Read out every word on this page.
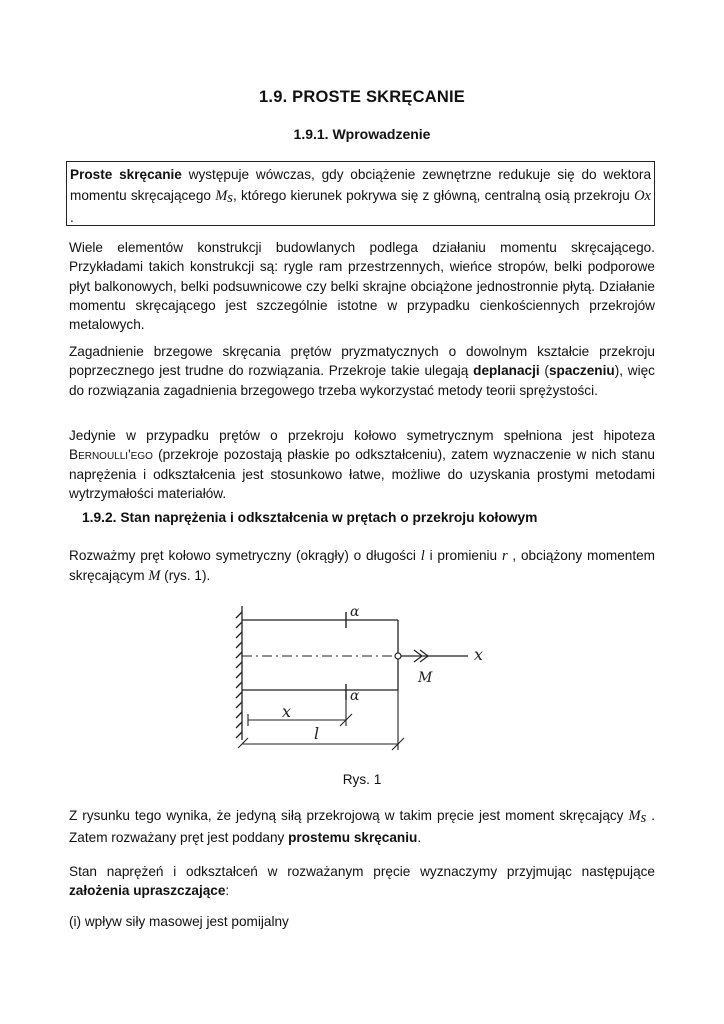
1.9. PROSTE SKRĘCANIE
1.9.1. Wprowadzenie
Proste skręcanie występuje wówczas, gdy obciążenie zewnętrzne redukuje się do wektora momentu skręcającego $M_s$, którego kierunek pokrywa się z główną, centralną osią przekroju Ox .

Wiele elementów konstrukcji budowlanych podlega działaniu momentu skręcającego. Przykładami takich konstrukcji są: rygle ram przestrzennych, wieńce stropów, belki podporowe płyt balkonowych, belki podsuwnicowe czy belki skrajne obciążone jednostronnie płytą. Działanie momentu skręcającego jest szczególnie istotne w przypadku cienkościennych przekrojów metalowych.

Zagadnienie brzegowe skręcania prętów pryzmatycznych o dowolnym kształcie przekroju poprzecznego jest trudne do rozwiązania. Przekroje takie ulegają deplanacji (spaczeniu), więc do rozwiązania zagadnienia brzegowego trzeba wykorzystać metody teorii sprężystości.

Jedynie w przypadku prętów o przekroju kołowo symetrycznym spełniona jest hipoteza Bernoulli'ego (przekroje pozostają płaskie po odkształceniu), zatem wyznaczenie w nich stanu naprężenia i odkształcenia jest stosunkowo łatwe, możliwe do uzyskania prostymi metodami wytrzymałości materiałów.

1.9.2. Stan naprężenia i odkształcenia w prętach o przekroju kołowym

Rozważmy pręt kołowo symetryczny (okrągły) o długości l i promieniu r , obciążony momentem skręcającym M (rys. 1).

α
α
x
M
x
l
Rys. 1

Z rysunku tego wynika, że jedyną siłą przekrojową w takim pręcie jest moment skręcający $M_s$ . Zatem rozważany pręt jest poddany prostemu skręcaniu.

Stan naprężeń i odkształceń w rozważanym pręcie wyznaczymy przyjmując następujące założenia upraszczające:

(i) wpływ siły masowej jest pomijalny
